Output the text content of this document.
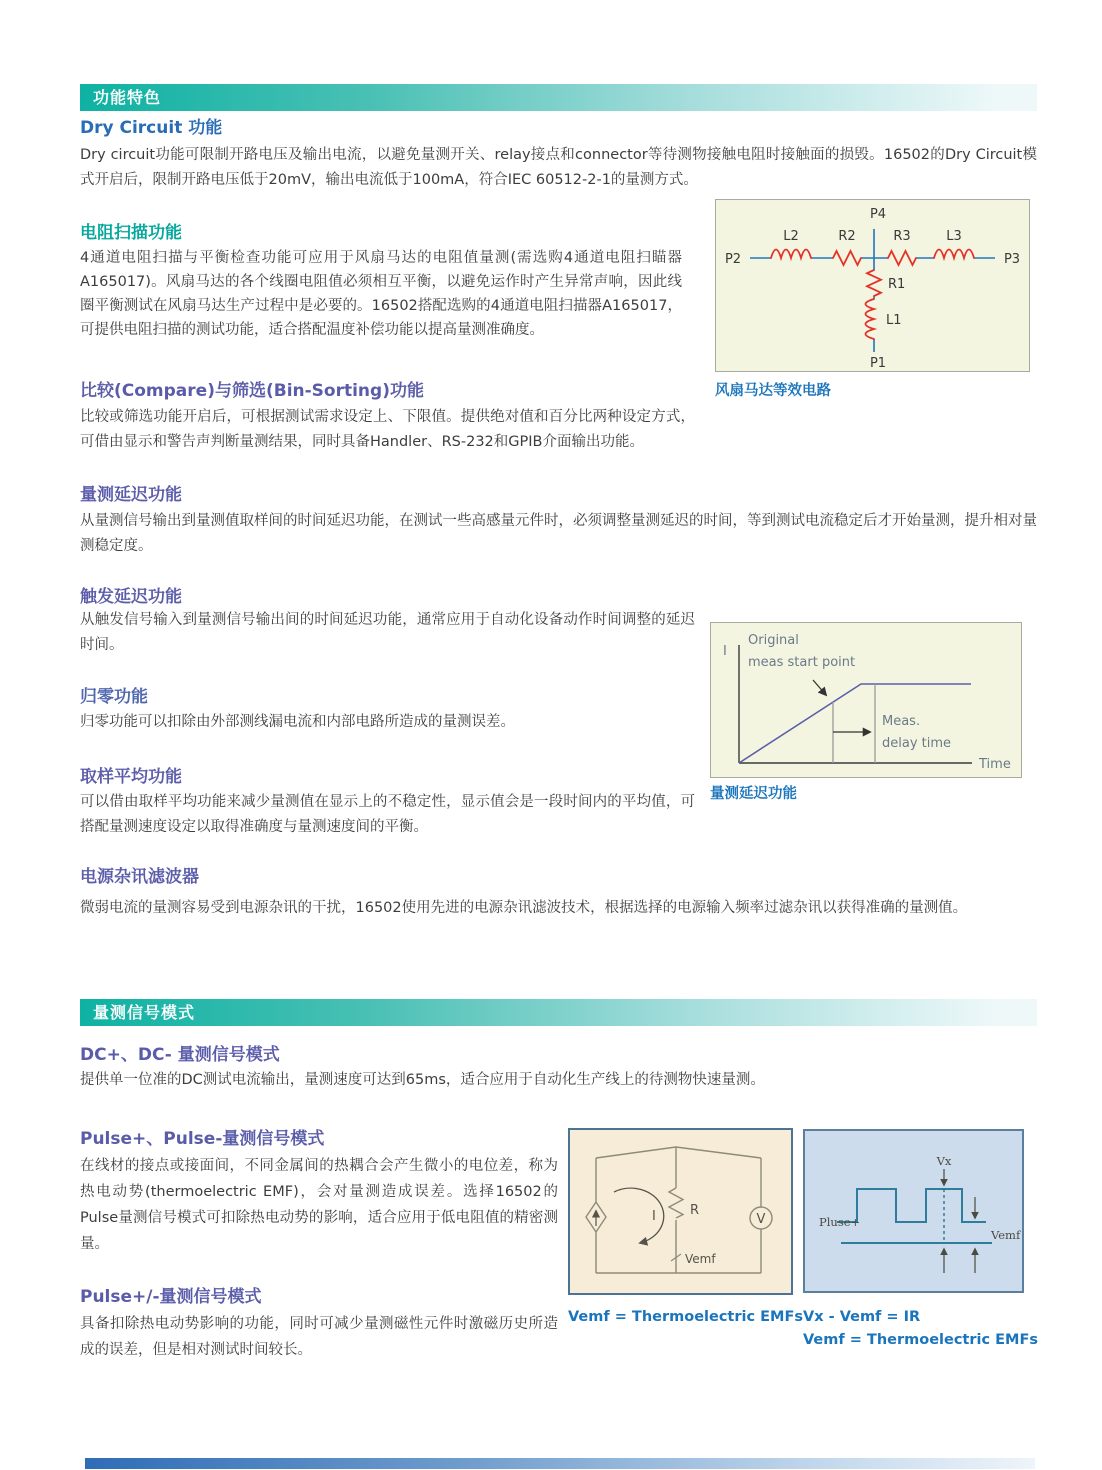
功能特色
Dry Circuit 功能
Dry circuit功能可限制开路电压及输出电流，以避免量测开关、relay接点和connector等待测物接触电阻时接触面的损毁。16502的Dry Circuit模式开启后，限制开路电压低于20mV，输出电流低于100mA，符合IEC 60512-2-1的量测方式。
电阻扫描功能
4通道电阻扫描与平衡检查功能可应用于风扇马达的电阻值量测(需选购4通道电阻扫瞄器A165017)。风扇马达的各个线圈电阻值必须相互平衡，以避免运作时产生异常声响，因此线圈平衡测试在风扇马达生产过程中是必要的。16502搭配选购的4通道电阻扫描器A165017，可提供电阻扫描的测试功能，适合搭配温度补偿功能以提高量测准确度。
P2	P3
P4
P1
L2	R2	R3	L3
R1
L1
风扇马达等效电路
比较(Compare)与筛选(Bin-Sorting)功能
比较或筛选功能开启后，可根据测试需求设定上、下限值。提供绝对值和百分比两种设定方式，可借由显示和警告声判断量测结果，同时具备Handler、RS-232和GPIB介面输出功能。
量测延迟功能
从量测信号输出到量测值取样间的时间延迟功能，在测试一些高感量元件时，必须调整量测延迟的时间，等到测试电流稳定后才开始量测，提升相对量测稳定度。
触发延迟功能
从触发信号输入到量测信号输出间的时间延迟功能，通常应用于自动化设备动作时间调整的延迟时间。	I
Original
meas start point
Meas.
delay time
Time
量测延迟功能
归零功能
归零功能可以扣除由外部测线漏电流和内部电路所造成的量测误差。
取样平均功能
可以借由取样平均功能来减少量测值在显示上的不稳定性，显示值会是一段时间内的平均值，可搭配量测速度设定以取得准确度与量测速度间的平衡。
电源杂讯滤波器
微弱电流的量测容易受到电源杂讯的干扰，16502使用先进的电源杂讯滤波技术，根据选择的电源输入频率过滤杂讯以获得准确的量测值。
量测信号模式
DC+、DC- 量测信号模式
提供单一位准的DC测试电流输出，量测速度可达到65ms，适合应用于自动化生产线上的待测物快速量测。
Pulse+、Pulse-量测信号模式
在线材的接点或接面间，不同金属间的热耦合会产生微小的电位差，称为热电动势(thermoelectric EMF)，会对量测造成误差。选择16502的Pulse量测信号模式可扣除热电动势的影响，适合应用于低电阻值的精密测量。
I	R
V
Vemf
Vemf = Thermoelectric EMFs
Vx
Pluse+
Vemf
Vx - Vemf = IR
Vemf = Thermoelectric EMFs
Pulse+/-量测信号模式
具备扣除热电动势影响的功能，同时可减少量测磁性元件时激磁历史所造成的误差，但是相对测试时间较长。
